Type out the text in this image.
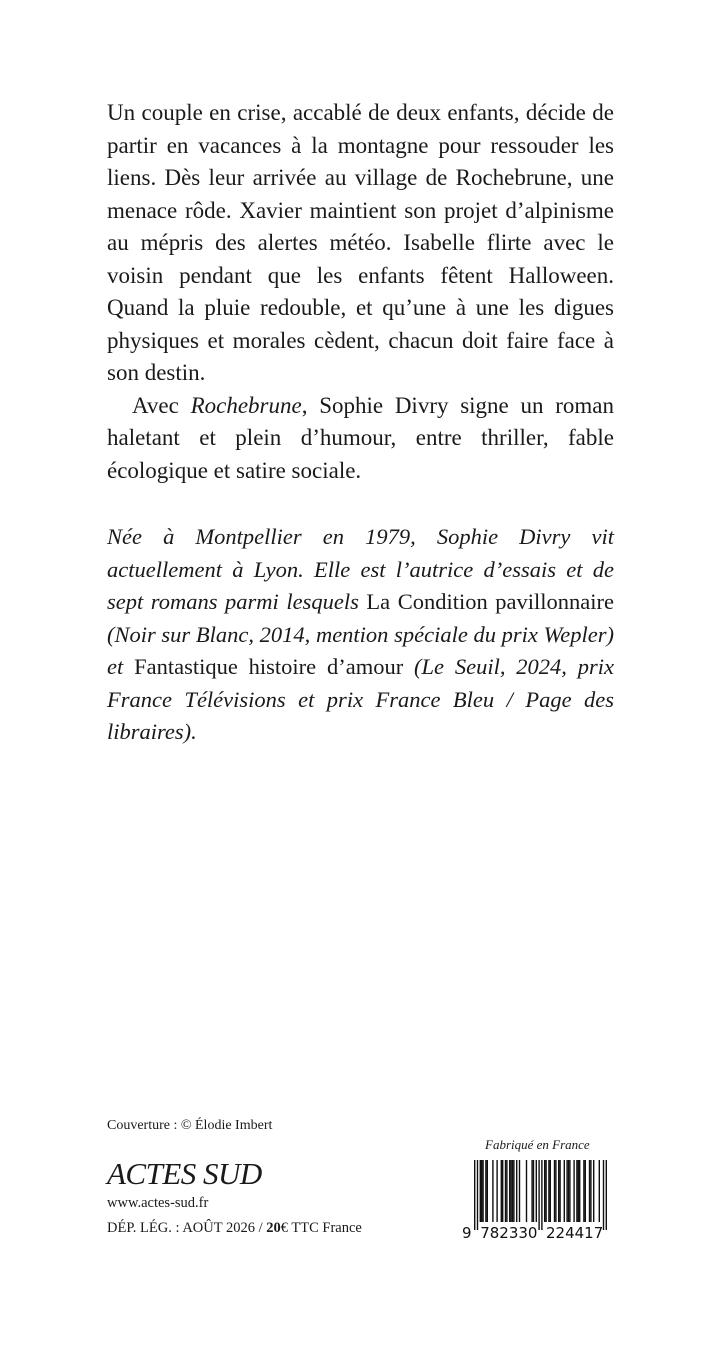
Un couple en crise, accablé de deux enfants, décide de partir en vacances à la montagne pour ressouder les liens. Dès leur arrivée au village de Rochebrune, une menace rôde. Xavier maintient son projet d’alpinisme au mépris des alertes météo. Isabelle flirte avec le voisin pendant que les enfants fêtent Halloween. Quand la pluie redouble, et qu’une à une les digues physiques et morales cèdent, chacun doit faire face à son destin.

Avec Rochebrune, Sophie Divry signe un roman haletant et plein d’humour, entre thriller, fable écologique et satire sociale.

Née à Montpellier en 1979, Sophie Divry vit actuellement à Lyon. Elle est l’autrice d’essais et de sept romans parmi lesquels La Condition pavillonnaire (Noir sur Blanc, 2014, mention spéciale du prix Wepler) et Fantastique histoire d’amour (Le Seuil, 2024, prix France Télévisions et prix France Bleu / Page des libraires).

Couverture : © Élodie Imbert
Fabriqué en France
ACTES SUD
www.actes-sud.fr
DÉP. LÉG. : AOÛT 2026 / 20€ TTC France	9 782330 224417
